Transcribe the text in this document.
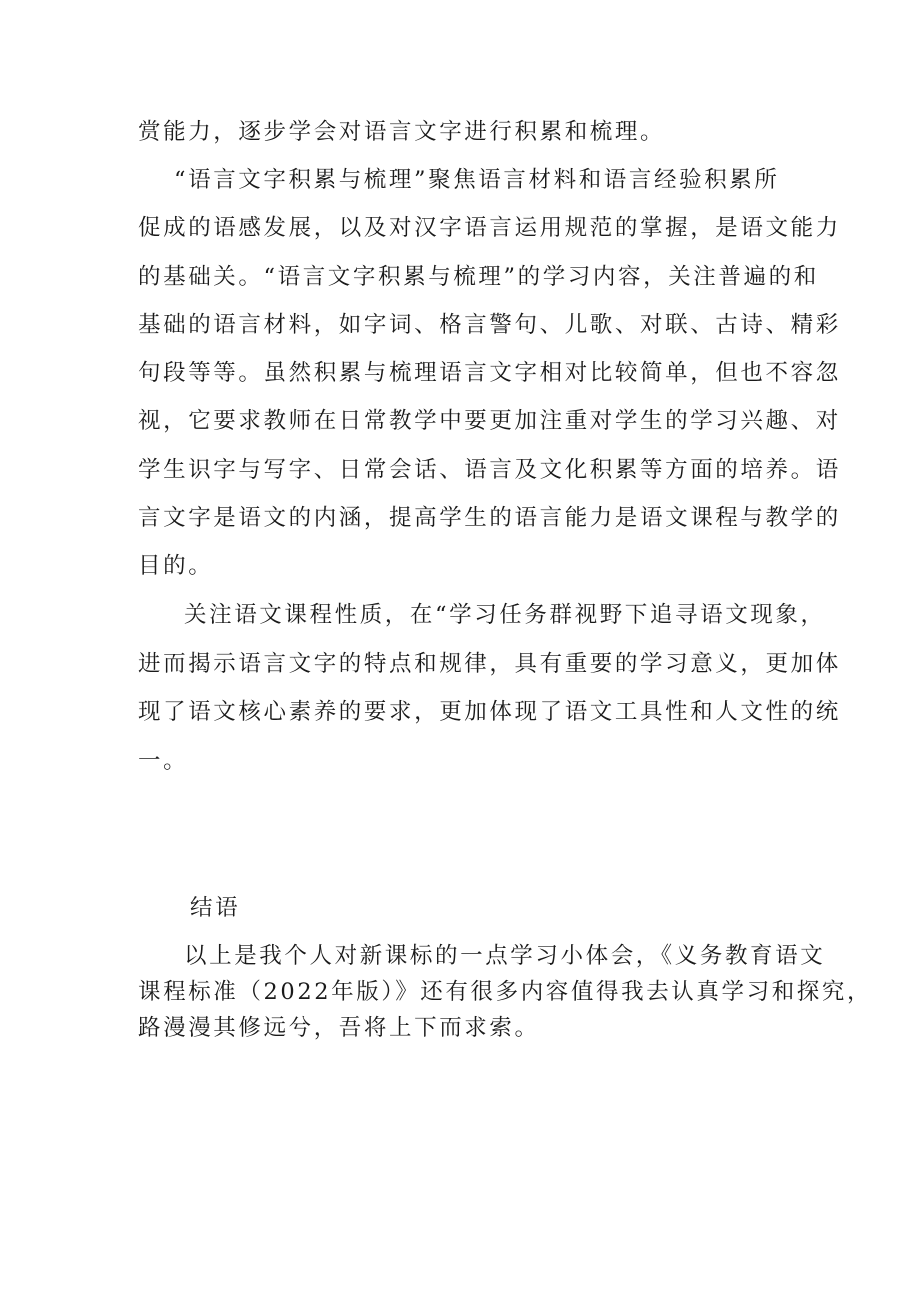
赏能力，逐步学会对语言文字进行积累和梳理。

“语言文字积累与梳理”聚焦语言材料和语言经验积累所
促成的语感发展，以及对汉字语言运用规范的掌握，是语文能力
的基础关。“语言文字积累与梳理”的学习内容，关注普遍的和
基础的语言材料，如字词、格言警句、儿歌、对联、古诗、精彩
句段等等。虽然积累与梳理语言文字相对比较简单，但也不容忽
视，它要求教师在日常教学中要更加注重对学生的学习兴趣、对
学生识字与写字、日常会话、语言及文化积累等方面的培养。语
言文字是语文的内涵，提高学生的语言能力是语文课程与教学的
目的。

关注语文课程性质，在“学习任务群视野下追寻语文现象，
进而揭示语言文字的特点和规律，具有重要的学习意义，更加体
现了语文核心素养的要求，更加体现了语文工具性和人文性的统
一。

结语

以上是我个人对新课标的一点学习小体会，《义务教育语文
课程标准（2022年版）》还有很多内容值得我去认真学习和探究，
路漫漫其修远兮，吾将上下而求索。
